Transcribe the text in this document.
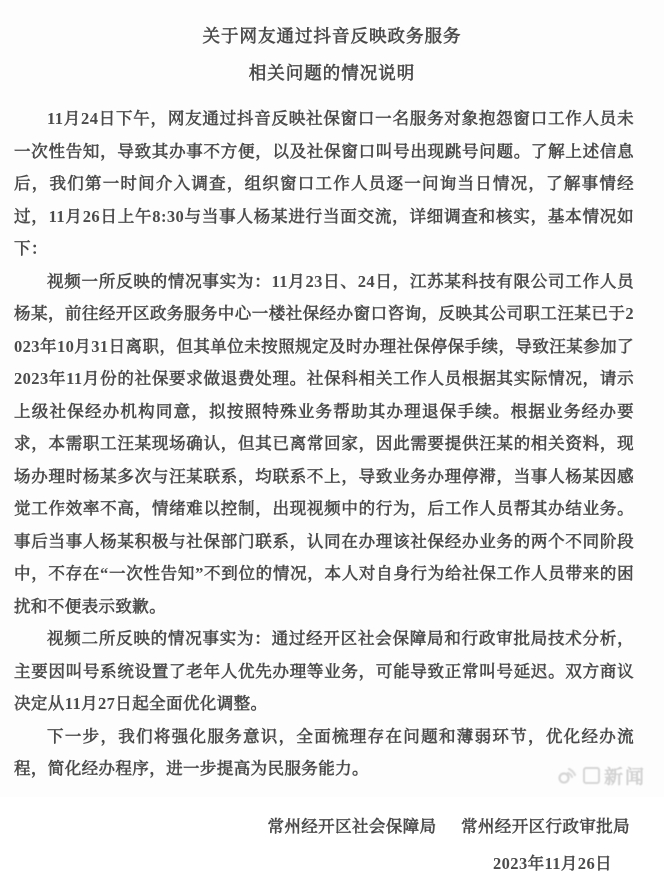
关于网友通过抖音反映政务服务
相关问题的情况说明

11月24日下午，网友通过抖音反映社保窗口一名服务对象抱怨窗口工作人员未一次性告知，导致其办事不方便，以及社保窗口叫号出现跳号问题。了解上述信息后，我们第一时间介入调查，组织窗口工作人员逐一问询当日情况，了解事情经过，11月26日上午8:30与当事人杨某进行当面交流，详细调查和核实，基本情况如下：

视频一所反映的情况事实为：11月23日、24日，江苏某科技有限公司工作人员杨某，前往经开区政务服务中心一楼社保经办窗口咨询，反映其公司职工汪某已于2023年10月31日离职，但其单位未按照规定及时办理社保停保手续，导致汪某参加了2023年11月份的社保要求做退费处理。社保科相关工作人员根据其实际情况，请示上级社保经办机构同意，拟按照特殊业务帮助其办理退保手续。根据业务经办要求，本需职工汪某现场确认，但其已离常回家，因此需要提供汪某的相关资料，现场办理时杨某多次与汪某联系，均联系不上，导致业务办理停滞，当事人杨某因感觉工作效率不高，情绪难以控制，出现视频中的行为，后工作人员帮其办结业务。事后当事人杨某积极与社保部门联系，认同在办理该社保经办业务的两个不同阶段中，不存在“一次性告知”不到位的情况，本人对自身行为给社保工作人员带来的困扰和不便表示致歉。

视频二所反映的情况事实为：通过经开区社会保障局和行政审批局技术分析，主要因叫号系统设置了老年人优先办理等业务，可能导致正常叫号延迟。双方商议决定从11月27日起全面优化调整。

下一步，我们将强化服务意识，全面梳理存在问题和薄弱环节，优化经办流程，简化经办程序，进一步提高为民服务能力。

常州经开区社会保障局 常州经开区行政审批局
2023年11月26日
新闻
